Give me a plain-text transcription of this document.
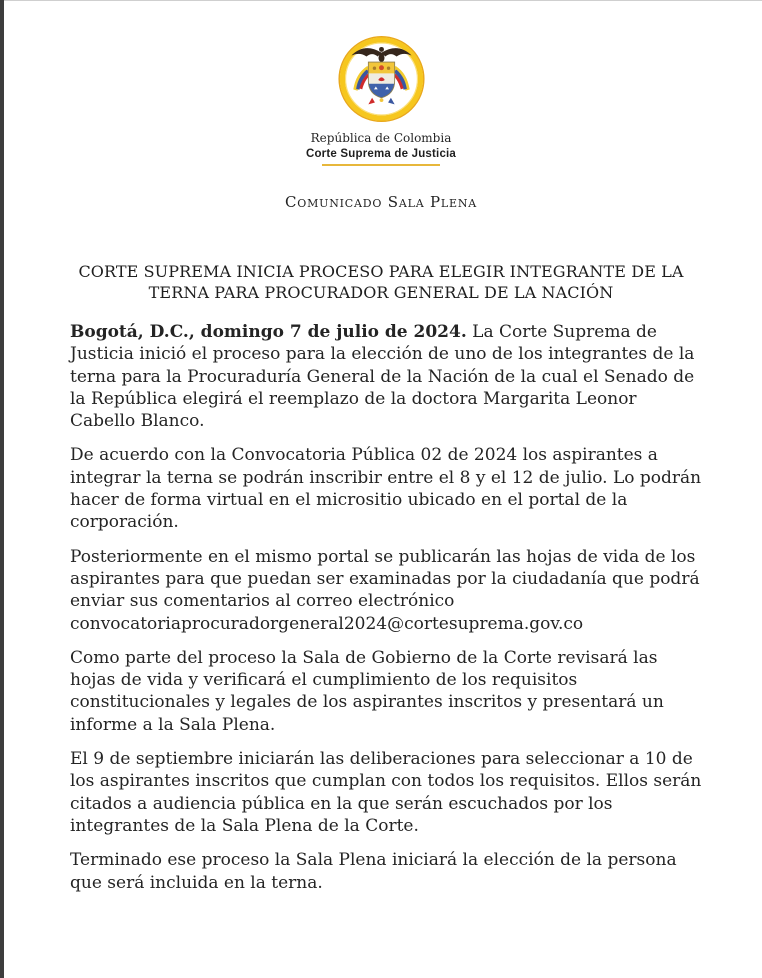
República de Colombia
Corte Suprema de Justicia
Comunicado Sala Plena
CORTE SUPREMA INICIA PROCESO PARA ELEGIR INTEGRANTE DE LA
TERNA PARA PROCURADOR GENERAL DE LA NACIÓN

Bogotá, D.C., domingo 7 de julio de 2024. La Corte Suprema de Justicia inició el proceso para la elección de uno de los integrantes de la terna para la Procuraduría General de la Nación de la cual el Senado de la República elegirá el reemplazo de la doctora Margarita Leonor Cabello Blanco.

De acuerdo con la Convocatoria Pública 02 de 2024 los aspirantes a integrar la terna se podrán inscribir entre el 8 y el 12 de julio. Lo podrán hacer de forma virtual en el micrositio ubicado en el portal de la corporación.

Posteriormente en el mismo portal se publicarán las hojas de vida de los aspirantes para que puedan ser examinadas por la ciudadanía que podrá enviar sus comentarios al correo electrónico convocatoriaprocuradorgeneral2024@cortesuprema.gov.co

Como parte del proceso la Sala de Gobierno de la Corte revisará las hojas de vida y verificará el cumplimiento de los requisitos constitucionales y legales de los aspirantes inscritos y presentará un informe a la Sala Plena.

El 9 de septiembre iniciarán las deliberaciones para seleccionar a 10 de los aspirantes inscritos que cumplan con todos los requisitos. Ellos serán citados a audiencia pública en la que serán escuchados por los integrantes de la Sala Plena de la Corte.

Terminado ese proceso la Sala Plena iniciará la elección de la persona que será incluida en la terna.
